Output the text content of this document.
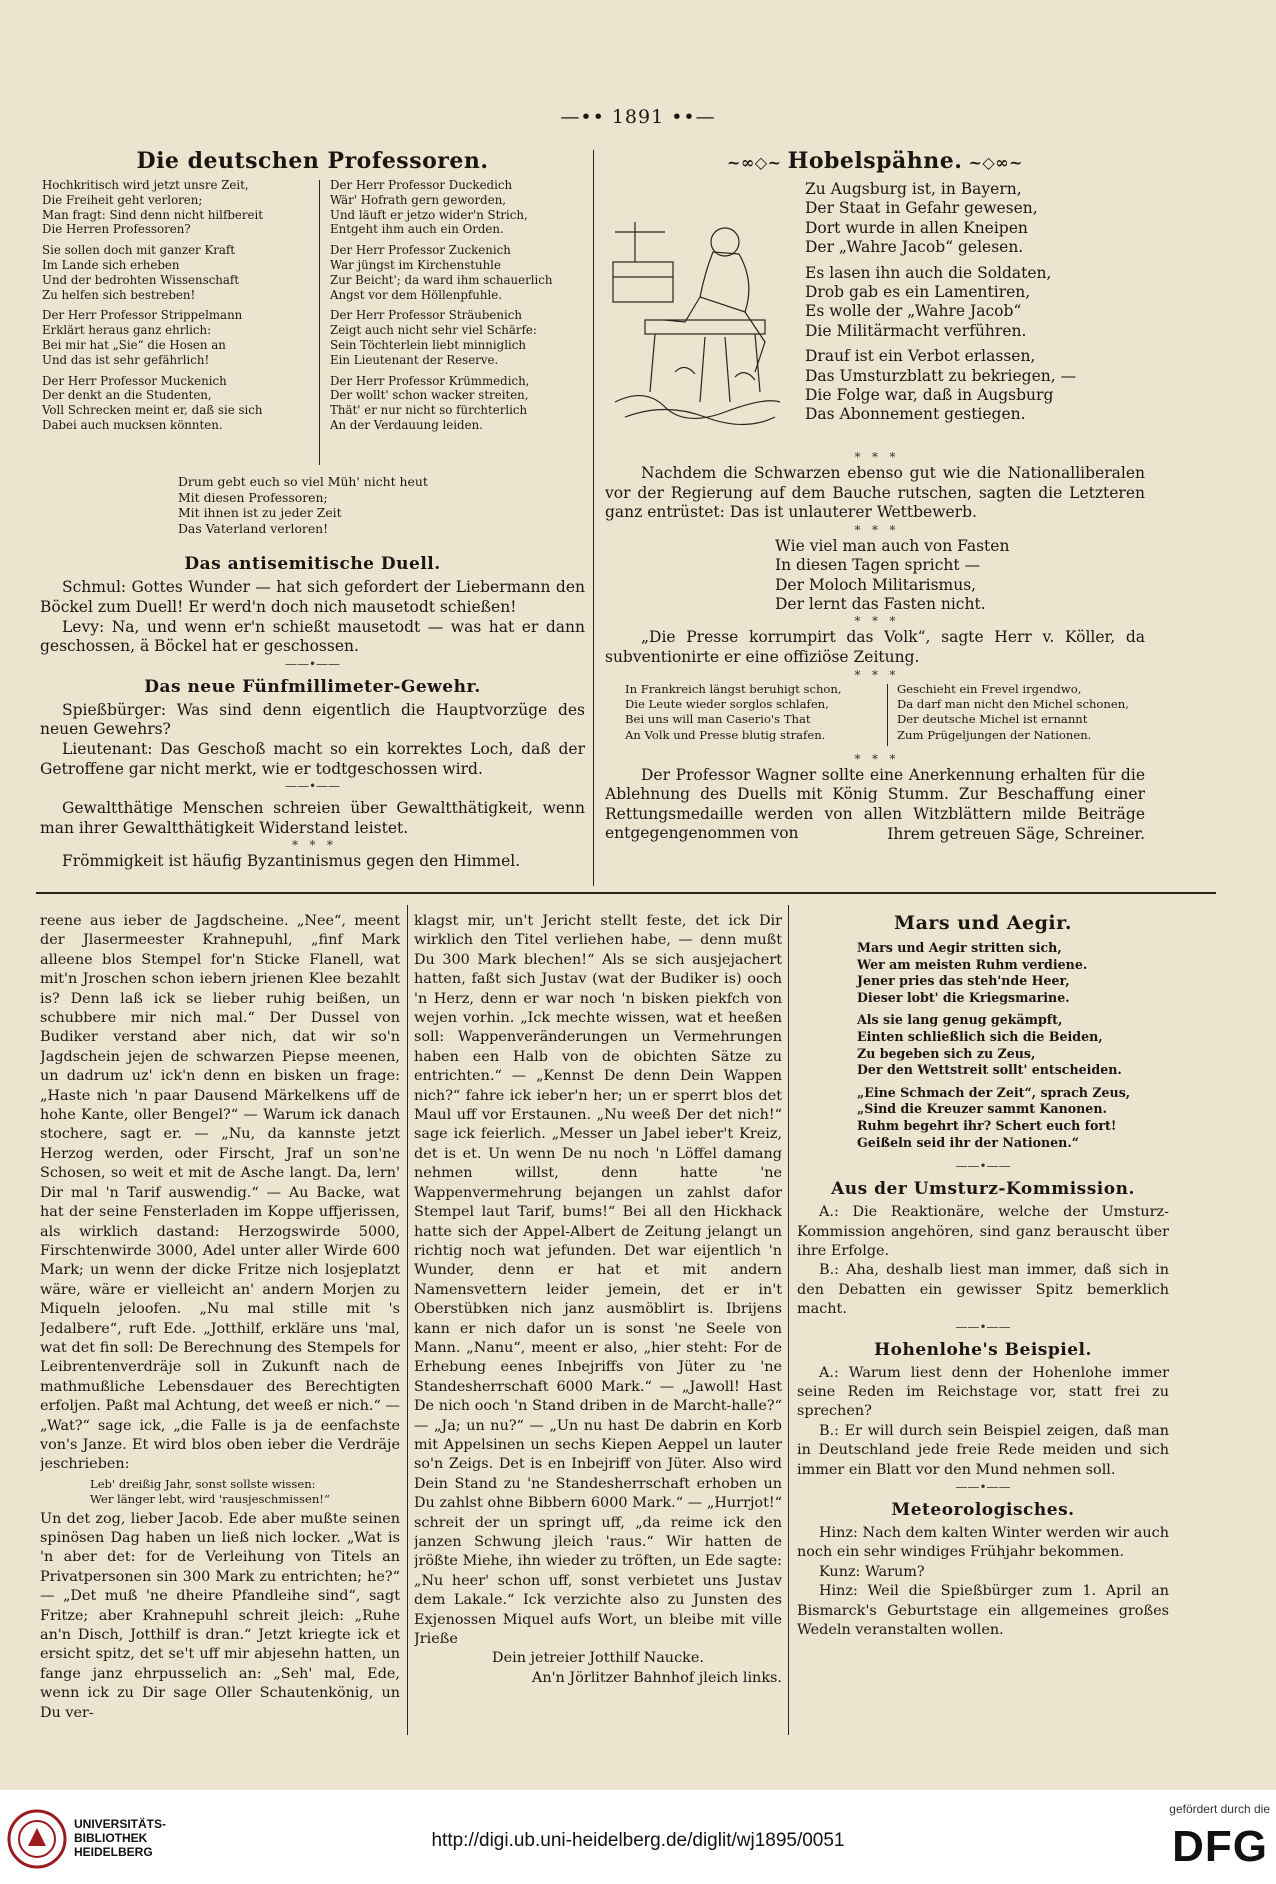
—•• 1891 ••—
Die deutschen Professoren.
Hochkritisch wird jetzt unsre Zeit,
Die Freiheit geht verloren;
Man fragt: Sind denn nicht hilfbereit
Die Herren Professoren?

Sie sollen doch mit ganzer Kraft
Im Lande sich erheben
Und der bedrohten Wissenschaft
Zu helfen sich bestreben!

Der Herr Professor Strippelmann
Erklärt heraus ganz ehrlich:
Bei mir hat „Sie“ die Hosen an
Und das ist sehr gefährlich!

Der Herr Professor Muckenich
Der denkt an die Studenten,
Voll Schrecken meint er, daß sie sich
Dabei auch mucksen könnten.
Der Herr Professor Duckedich
Wär' Hofrath gern geworden,
Und läuft er jetzo wider'n Strich,
Entgeht ihm auch ein Orden.

Der Herr Professor Zuckenich
War jüngst im Kirchenstuhle
Zur Beicht'; da ward ihm schauerlich
Angst vor dem Höllenpfuhle.

Der Herr Professor Sträubenich
Zeigt auch nicht sehr viel Schärfe:
Sein Töchterlein liebt minniglich
Ein Lieutenant der Reserve.

Der Herr Professor Krümmedich,
Der wollt' schon wacker streiten,
Thät' er nur nicht so fürchterlich
An der Verdauung leiden.
Drum gebt euch so viel Müh' nicht heut
Mit diesen Professoren;
Mit ihnen ist zu jeder Zeit
Das Vaterland verloren!
Das antisemitische Duell.

Schmul: Gottes Wunder — hat sich gefordert der Liebermann den Böckel zum Duell! Er werd'n doch nich mausetodt schießen!

Levy: Na, und wenn er'n schießt mausetodt — was hat er dann geschossen, ä Böckel hat er geschossen.

——•——
Das neue Fünfmillimeter-Gewehr.

Spießbürger: Was sind denn eigentlich die Hauptvorzüge des neuen Gewehrs?

Lieutenant: Das Geschoß macht so ein korrektes Loch, daß der Getroffene gar nicht merkt, wie er todtgeschossen wird.

——•——

Gewaltthätige Menschen schreien über Gewaltthätigkeit, wenn man ihrer Gewaltthätigkeit Widerstand leistet.

*   *   *

Frömmigkeit ist häufig Byzantinismus gegen den Himmel.

~∞◇~ Hobelspähne. ~◇∞~
Zu Augsburg ist, in Bayern,
Der Staat in Gefahr gewesen,
Dort wurde in allen Kneipen
Der „Wahre Jacob“ gelesen.

Es lasen ihn auch die Soldaten,
Drob gab es ein Lamentiren,
Es wolle der „Wahre Jacob“
Die Militärmacht verführen.

Drauf ist ein Verbot erlassen,
Das Umsturzblatt zu bekriegen, —
Die Folge war, daß in Augsburg
Das Abonnement gestiegen.
*   *   *

Nachdem die Schwarzen ebenso gut wie die Nationalliberalen vor der Regierung auf dem Bauche rutschen, sagten die Letzteren ganz entrüstet: Das ist unlauterer Wettbewerb.

*   *   *
Wie viel man auch von Fasten
In diesen Tagen spricht —
Der Moloch Militarismus,
Der lernt das Fasten nicht.
*   *   *

„Die Presse korrumpirt das Volk“, sagte Herr v. Köller, da subventionirte er eine offiziöse Zeitung.

*   *   *
In Frankreich längst beruhigt schon,
Die Leute wieder sorglos schlafen,
Bei uns will man Caserio's That
An Volk und Presse blutig strafen.
Geschieht ein Frevel irgendwo,
Da darf man nicht den Michel schonen,
Der deutsche Michel ist ernannt
Zum Prügeljungen der Nationen.
*   *   *

Der Professor Wagner sollte eine Anerkennung erhalten für die Ablehnung des Duells mit König Stumm. Zur Beschaffung einer Rettungsmedaille werden von allen Witzblättern milde Beiträge entgegengenommen von	Ihrem getreuen Säge, Schreiner.

reene aus ieber de Jagdscheine. „Nee“, meent der Jlasermeester Krahnepuhl, „finf Mark alleene blos Stempel for'n Sticke Flanell, wat mit'n Jroschen schon iebern jrienen Klee bezahlt is? Denn laß ick se lieber ruhig beißen, un schubbere mir nich mal.“ Der Dussel von Budiker verstand aber nich, dat wir so'n Jagdschein jejen de schwarzen Piepse meenen, un dadrum uz' ick'n denn en bisken un frage: „Haste nich 'n paar Dausend Märkelkens uff de hohe Kante, oller Bengel?“ — Warum ick danach stochere, sagt er. — „Nu, da kannste jetzt Herzog werden, oder Firscht, Jraf un son'ne Schosen, so weit et mit de Asche langt. Da, lern' Dir mal 'n Tarif auswendig.“ — Au Backe, wat hat der seine Fensterladen im Koppe uffjerissen, als wirklich dastand: Herzogswirde 5000, Firschtenwirde 3000, Adel unter aller Wirde 600 Mark; un wenn der dicke Fritze nich losjeplatzt wäre, wäre er vielleicht an' andern Morjen zu Miqueln jeloofen. „Nu mal stille mit 's Jedalbere“, ruft Ede. „Jotthilf, erkläre uns 'mal, wat det fin soll: De Berechnung des Stempels for Leibrentenverdräje soll in Zukunft nach de mathmußliche Lebensdauer des Berechtigten erfoljen. Paßt mal Achtung, det weeß er nich.“ — „Wat?“ sage ick, „die Falle is ja de eenfachste von's Janze. Et wird blos oben ieber die Verdräje jeschrieben:

Leb' dreißig Jahr, sonst sollste wissen:
Wer länger lebt, wird 'rausjeschmissen!“

Un det zog, lieber Jacob. Ede aber mußte seinen spinösen Dag haben un ließ nich locker. „Wat is 'n aber det: for de Verleihung von Titels an Privatpersonen sin 300 Mark zu entrichten; he?“ — „Det muß 'ne dheire Pfandleihe sind“, sagt Fritze; aber Krahnepuhl schreit jleich: „Ruhe an'n Disch, Jotthilf is dran.“ Jetzt kriegte ick et ersicht spitz, det se't uff mir abjesehn hatten, un fange janz ehrpusselich an: „Seh' mal, Ede, wenn ick zu Dir sage Oller Schautenkönig, un Du ver-

klagst mir, un't Jericht stellt feste, det ick Dir wirklich den Titel verliehen habe, — denn mußt Du 300 Mark blechen!“ Als se sich ausjejachert hatten, faßt sich Justav (wat der Budiker is) ooch 'n Herz, denn er war noch 'n bisken piekfch von wejen vorhin. „Ick mechte wissen, wat et heeßen soll: Wappenveränderungen un Vermehrungen haben een Halb von de obichten Sätze zu entrichten.“ — „Kennst De denn Dein Wappen nich?“ fahre ick ieber'n her; un er sperrt blos det Maul uff vor Erstaunen. „Nu weeß Der det nich!“ sage ick feierlich. „Messer un Jabel ieber't Kreiz, det is et. Un wenn De nu noch 'n Löffel damang nehmen willst, denn hatte 'ne Wappenvermehrung bejangen un zahlst dafor Stempel laut Tarif, bums!“ Bei all den Hickhack hatte sich der Appel-Albert de Zeitung jelangt un richtig noch wat jefunden. Det war eijentlich 'n Wunder, denn er hat et mit andern Namensvettern leider jemein, det er in't Oberstübken nich janz ausmöblirt is. Ibrijens kann er nich dafor un is sonst 'ne Seele von Mann. „Nanu“, meent er also, „hier steht: For de Erhebung eenes Inbejriffs von Jüter zu 'ne Standesherrschaft 6000 Mark.“ — „Jawoll! Hast De nich ooch 'n Stand driben in de Marcht-halle?“ — „Ja; un nu?“ — „Un nu hast De dabrin en Korb mit Appelsinen un sechs Kiepen Aeppel un lauter so'n Zeigs. Det is en Inbejriff von Jüter. Also wird Dein Stand zu 'ne Standesherrschaft erhoben un Du zahlst ohne Bibbern 6000 Mark.“ — „Hurrjot!“ schreit der un springt uff, „da reime ick den janzen Schwung jleich 'raus.“ Wir hatten de jrößte Miehe, ihn wieder zu tröften, un Ede sagte: „Nu heer' schon uff, sonst verbietet uns Justav dem Lakale.“ Ick verzichte also zu Junsten des Exjenossen Miquel aufs Wort, un bleibe mit ville Jrieße

Dein jetreier Jotthilf Naucke.

An'n Jörlitzer Bahnhof jleich links.

Mars und Aegir.
Mars und Aegir stritten sich,
Wer am meisten Ruhm verdiene.
Jener pries das steh'nde Heer,
Dieser lobt' die Kriegsmarine.

Als sie lang genug gekämpft,
Einten schließlich sich die Beiden,
Zu begeben sich zu Zeus,
Der den Wettstreit sollt' entscheiden.

„Eine Schmach der Zeit“, sprach Zeus,
„Sind die Kreuzer sammt Kanonen.
Ruhm begehrt ihr? Schert euch fort!
Geißeln seid ihr der Nationen.“
——•——
Aus der Umsturz-Kommission.

A.: Die Reaktionäre, welche der Umsturz-Kommission angehören, sind ganz berauscht über ihre Erfolge.

B.: Aha, deshalb liest man immer, daß sich in den Debatten ein gewisser Spitz bemerklich macht.

——•——
Hohenlohe's Beispiel.

A.: Warum liest denn der Hohenlohe immer seine Reden im Reichstage vor, statt frei zu sprechen?

B.: Er will durch sein Beispiel zeigen, daß man in Deutschland jede freie Rede meiden und sich immer ein Blatt vor den Mund nehmen soll.

——•——
Meteorologisches.

Hinz: Nach dem kalten Winter werden wir auch noch ein sehr windiges Frühjahr bekommen.

Kunz: Warum?

Hinz: Weil die Spießbürger zum 1. April an Bismarck's Geburtstage ein allgemeines großes Wedeln veranstalten wollen.

UNIVERSITÄTS-
BIBLIOTHEK
HEIDELBERG
http://digi.ub.uni-heidelberg.de/diglit/wj1895/0051
gefördert durch die
DFG
